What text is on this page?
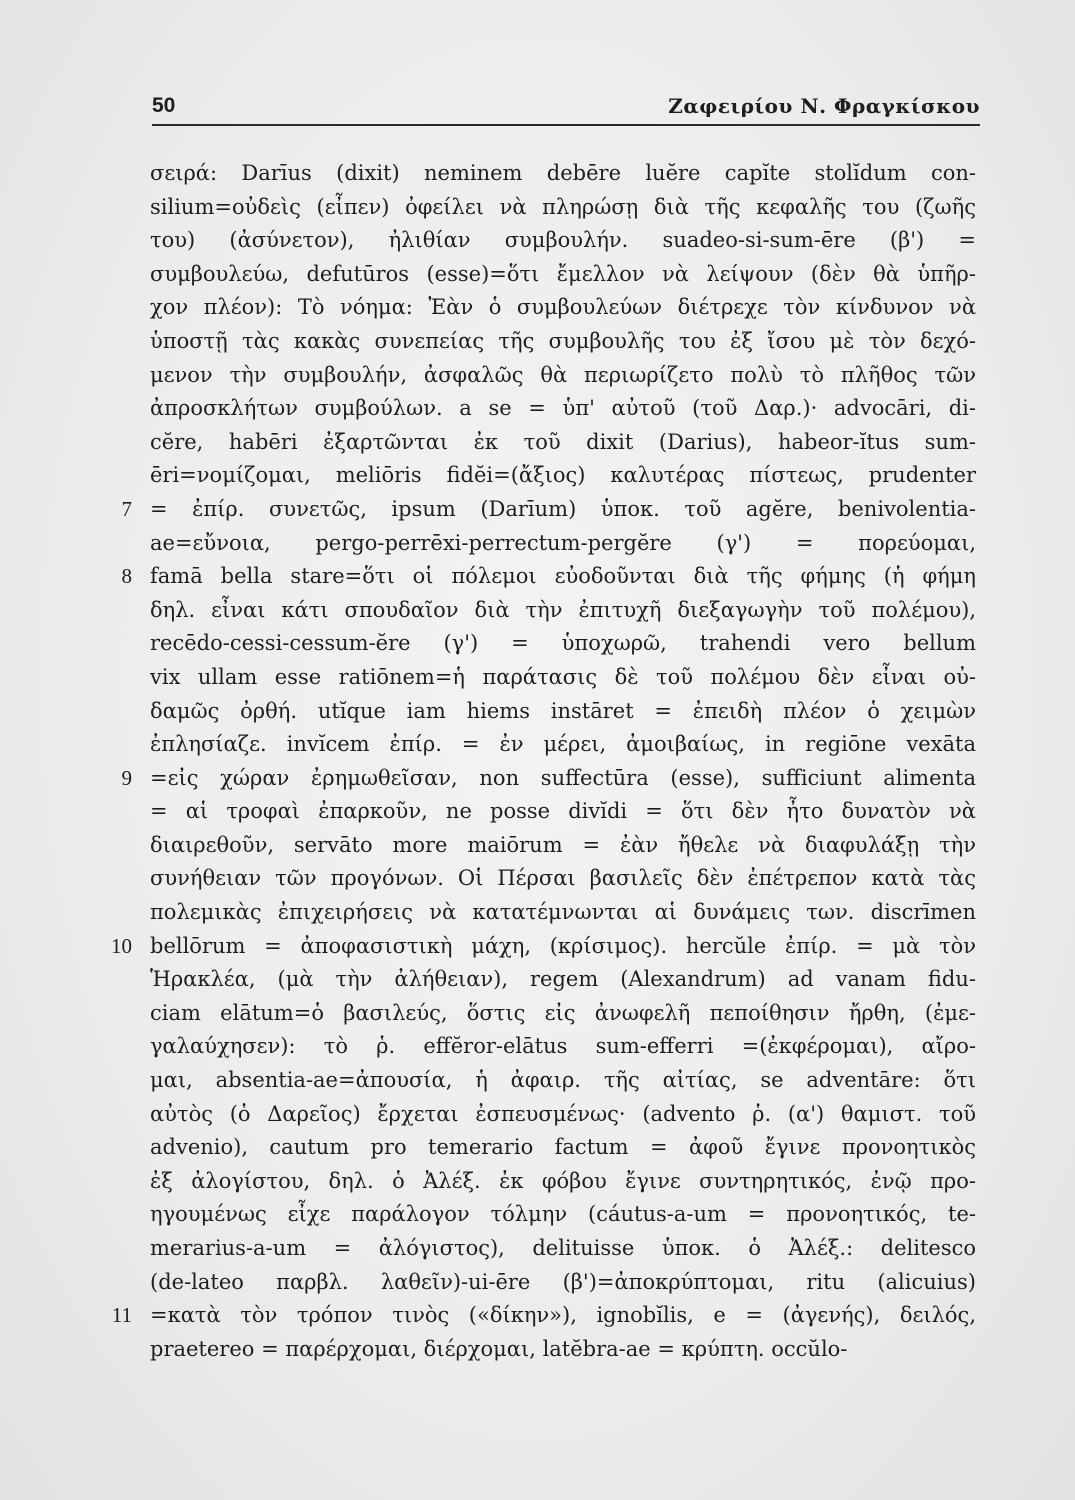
50	Ζαφειρίου Ν. Φραγκίσκου
σειρά: Darīus (dixit) neminem debēre luĕre capĭte stolĭdum con-
silium=οὐδεὶς (εἶπεν) ὀφείλει νὰ πληρώσῃ διὰ τῆς κεφαλῆς του (ζωῆς
του) (ἀσύνετον), ἠλιθίαν συμβουλήν. suadeo-si-sum-ēre (β') =
συμβουλεύω, defutūros (esse)=ὅτι ἔμελλον νὰ λείψουν (δὲν θὰ ὑπῆρ-
χον πλέον): Τὸ νόημα: Ἐὰν ὁ συμβουλεύων διέτρεχε τὸν κίνδυνον νὰ
ὑποστῇ τὰς κακὰς συνεπείας τῆς συμβουλῆς του ἐξ ἴσου μὲ τὸν δεχό-
μενον τὴν συμβουλήν, ἀσφαλῶς θὰ περιωρίζετο πολὺ τὸ πλῆθος τῶν
ἀπροσκλήτων συμβούλων. a se = ὑπ' αὐτοῦ (τοῦ Δαρ.)· advocāri, di-
cĕre, habēri ἐξαρτῶνται ἐκ τοῦ dixit (Darius), habeor-ĭtus sum-
ēri=νομίζομαι, meliōris fidĕi=(ἄξιος) καλυτέρας πίστεως, prudenter
= ἐπίρ. συνετῶς, ipsum (Darīum) ὑποκ. τοῦ agĕre, benivolentia-
ae=εὔνοια, pergo-perrēxi-perrectum-pergĕre (γ') = πορεύομαι,
famā bella stare=ὅτι οἱ πόλεμοι εὐοδοῦνται διὰ τῆς φήμης (ἡ φήμη
δηλ. εἶναι κάτι σπουδαῖον διὰ τὴν ἐπιτυχῆ διεξαγωγὴν τοῦ πολέμου),
recēdo-cessi-cessum-ĕre (γ') = ὑποχωρῶ, trahendi vero bellum
vix ullam esse ratiōnem=ἡ παράτασις δὲ τοῦ πολέμου δὲν εἶναι οὐ-
δαμῶς ὀρθή. utĭque iam hiems instāret = ἐπειδὴ πλέον ὁ χειμὼν
ἐπλησίαζε. invĭcem ἐπίρ. = ἐν μέρει, ἀμοιβαίως, in regiōne vexāta
=εἰς χώραν ἐρημωθεῖσαν, non suffectūra (esse), sufficiunt alimenta
= αἱ τροφαὶ ἐπαρκοῦν, ne posse divĭdi = ὅτι δὲν ἦτο δυνατὸν νὰ
διαιρεθοῦν, servāto more maiōrum = ἐὰν ἤθελε νὰ διαφυλάξῃ τὴν
συνήθειαν τῶν προγόνων. Οἱ Πέρσαι βασιλεῖς δὲν ἐπέτρεπον κατὰ τὰς
πολεμικὰς ἐπιχειρήσεις νὰ κατατέμνωνται αἱ δυνάμεις των. discrīmen
bellōrum = ἀποφασιστικὴ μάχη, (κρίσιμος). hercŭle ἐπίρ. = μὰ τὸν
Ἡρακλέα, (μὰ τὴν ἀλήθειαν), regem (Alexandrum) ad vanam fidu-
ciam elātum=ὁ βασιλεύς, ὅστις εἰς ἀνωφελῆ πεποίθησιν ἤρθη, (ἐμε-
γαλαύχησεν): τὸ ῥ. effĕror-elātus sum-efferri =(ἐκφέρομαι), αἴρο-
μαι, absentia-ae=ἀπουσία, ἡ ἀφαιρ. τῆς αἰτίας, se adventāre: ὅτι
αὐτὸς (ὁ Δαρεῖος) ἔρχεται ἐσπευσμένως· (advento ῥ. (α') θαμιστ. τοῦ
advenio), cautum pro temerario factum = ἀφοῦ ἔγινε προνοητικὸς
ἐξ ἀλογίστου, δηλ. ὁ Ἀλέξ. ἐκ φόβου ἔγινε συντηρητικός, ἐνῷ προ-
ηγουμένως εἶχε παράλογον τόλμην (cáutus-a-um = προνοητικός, te-
merarius-a-um = ἀλόγιστος), delituisse ὑποκ. ὁ Ἀλέξ.: delitesco
(de-lateo παρβλ. λαθεῖν)-ui-ēre (β')=ἀποκρύπτομαι, ritu (alicuius)
=κατὰ τὸν τρόπον τινὸς («δίκην»), ignobĭlis, e = (ἀγενής), δειλός,
praetereo = παρέρχομαι, διέρχομαι, latĕbra-ae = κρύπτη. occŭlo-
7
8
9
10
11
